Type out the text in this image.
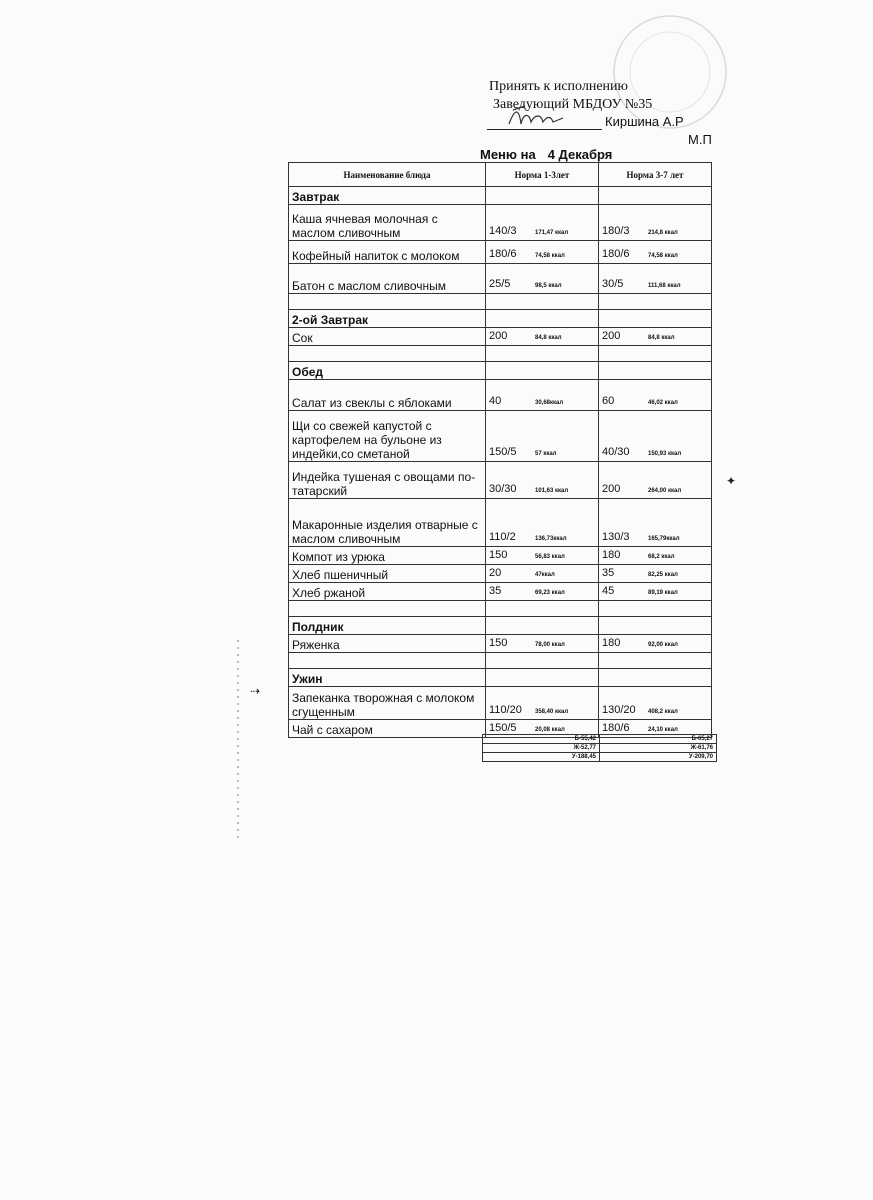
Принять к исполнению
Заведующий МБДОУ №35
Киршина А.Р
М.П
Меню на 4 Декабря
Наименование блюда	Норма 1-3лет	Норма 3-7 лет
Завтрак		
Каша ячневая молочная с маслом сливочным	140/3 171,47 ккал	180/3 214,8 ккал
Кофейный напиток с молоком	180/6 74,58 ккал	180/6 74,58 ккал
Батон с маслом сливочным	25/5 98,5 ккал	30/5 111,68 ккал

2-ой Завтрак		
Сок	200 84,8 ккал	200 84,8 ккал

Обед		
Салат из свеклы с яблоками	40 30,68ккал	60 46,02 ккал
Щи со свежей капустой с картофелем на бульоне из индейки,со сметаной	150/5 57 ккал	40/30 150,93 ккал
Индейка тушеная с овощами по-татарский	30/30 101,63 ккал	200 264,00 ккал
Макаронные изделия отварные с маслом сливочным	110/2 136,73ккал	130/3 165,79ккал
Компот из урюка	150 56,83 ккал	180 68,2 ккал
Хлеб пшеничный	20 47ккал	35 82,25 ккал
Хлеб ржаной	35 69,23 ккал	45 89,19 ккал

Полдник		
Ряженка	150 78,00 ккал	180 92,00 ккал

Ужин		
Запеканка творожная с молоком сгущенным	110/20 358,40 ккал	130/20 408,2 ккал
Чай с сахаром	150/5 20,08 ккал	180/6 24,10 ккал
Б-55,42	Б-65,27
Ж-52,77	Ж-61,76
У-188,45	У-209,70
✦
⇢
